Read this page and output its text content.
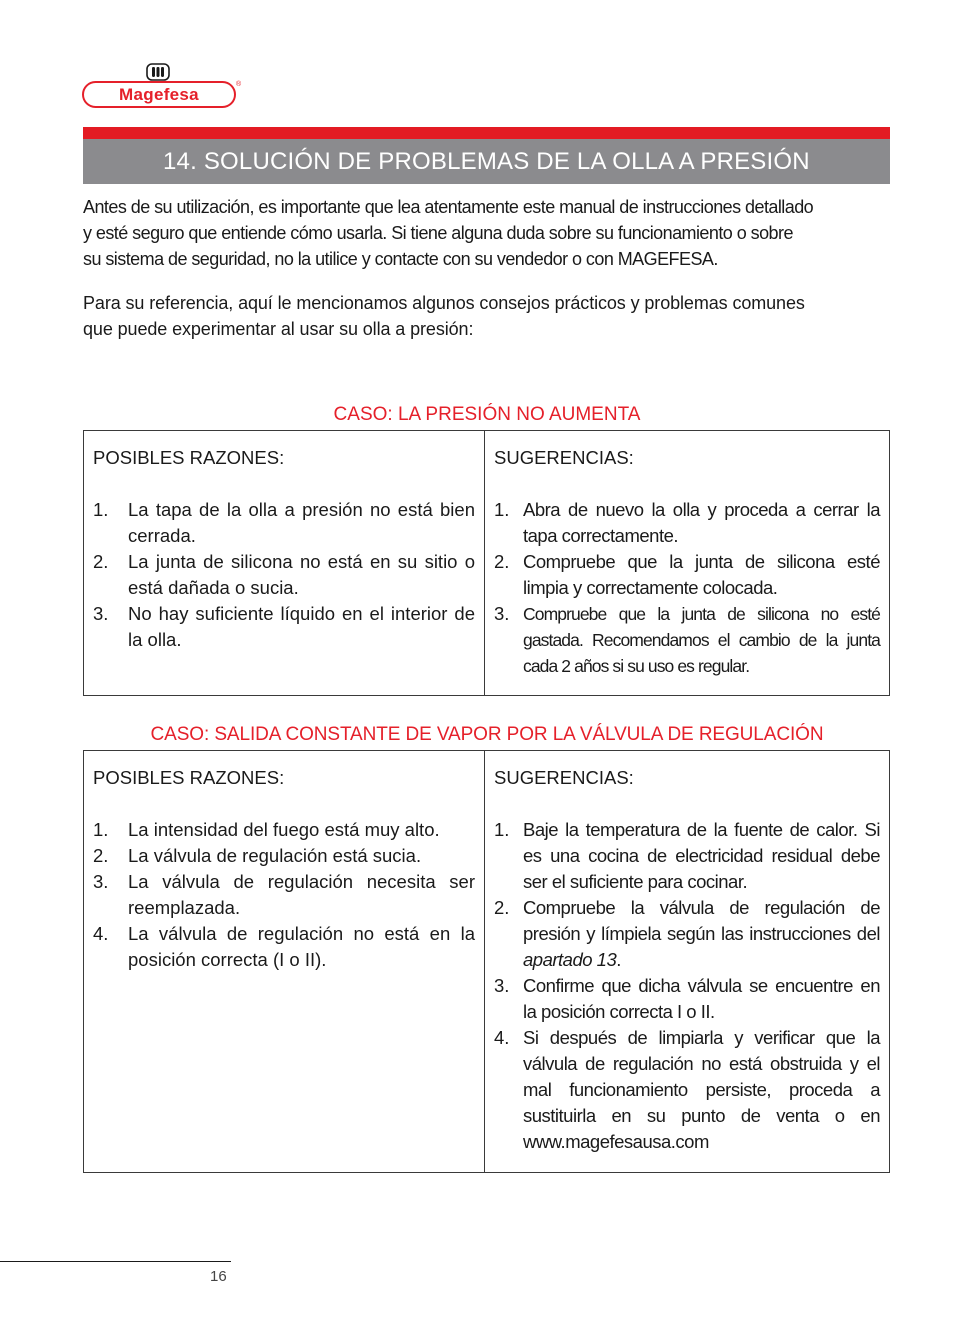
Magefesa
®
14. SOLUCIÓN DE PROBLEMAS DE LA OLLA A PRESIÓN

Antes de su utilización, es importante que lea atentamente este manual de instrucciones detallado
y esté seguro que entiende cómo usarla. Si tiene alguna duda sobre su funcionamiento o sobre
su sistema de seguridad, no la utilice y contacte con su vendedor o con MAGEFESA.

Para su referencia, aquí le mencionamos algunos consejos prácticos y problemas comunes
que puede experimentar al usar su olla a presión:

CASO: LA PRESIÓN NO AUMENTA
POSIBLES RAZONES:
1.	La tapa de la olla a presión no está bien cerrada.
2.	La junta de silicona no está en su sitio o está dañada o sucia.
3.	No hay suficiente líquido en el interior de la olla.
SUGERENCIAS:
1. Abra de nuevo la olla y proceda a cerrar la tapa correctamente.
2. Compruebe que la junta de silicona esté limpia y correctamente colocada.
3. Compruebe que la junta de silicona no esté gastada. Recomendamos el cambio de la junta cada 2 años si su uso es regular.
CASO: SALIDA CONSTANTE DE VAPOR POR LA VÁLVULA DE REGULACIÓN
POSIBLES RAZONES:
1.	La intensidad del fuego está muy alto.
2.	La válvula de regulación está sucia.
3.	La válvula de regulación necesita ser reemplazada.
4.	La válvula de regulación no está en la posición correcta (I o II).
SUGERENCIAS:
1. Baje la temperatura de la fuente de calor. Si es una cocina de electricidad residual debe ser el suficiente para cocinar.
2. Compruebe la válvula de regulación de presión y límpiela según las instrucciones del apartado 13.
3. Confirme que dicha válvula se encuentre en la posición correcta I o II.
4. Si después de limpiarla y verificar que la válvula de regulación no está obstruida y el mal funcionamiento persiste, proceda a sustituirla en su punto de venta o en www.magefesausa.com
16
